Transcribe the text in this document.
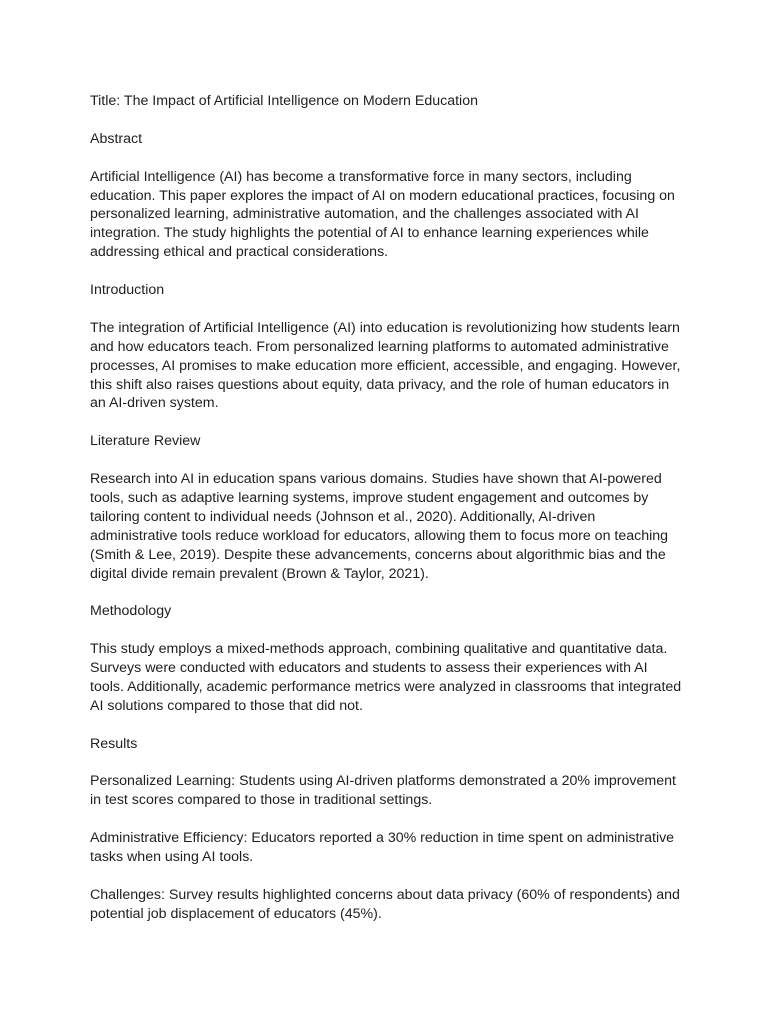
Title: The Impact of Artificial Intelligence on Modern Education

Abstract

Artificial Intelligence (AI) has become a transformative force in many sectors, including education. This paper explores the impact of AI on modern educational practices, focusing on personalized learning, administrative automation, and the challenges associated with AI integration. The study highlights the potential of AI to enhance learning experiences while addressing ethical and practical considerations.

Introduction

The integration of Artificial Intelligence (AI) into education is revolutionizing how students learn and how educators teach. From personalized learning platforms to automated administrative processes, AI promises to make education more efficient, accessible, and engaging. However, this shift also raises questions about equity, data privacy, and the role of human educators in an AI-driven system.

Literature Review

Research into AI in education spans various domains. Studies have shown that AI-powered tools, such as adaptive learning systems, improve student engagement and outcomes by tailoring content to individual needs (Johnson et al., 2020). Additionally, AI-driven administrative tools reduce workload for educators, allowing them to focus more on teaching (Smith & Lee, 2019). Despite these advancements, concerns about algorithmic bias and the digital divide remain prevalent (Brown & Taylor, 2021).

Methodology

This study employs a mixed-methods approach, combining qualitative and quantitative data. Surveys were conducted with educators and students to assess their experiences with AI tools. Additionally, academic performance metrics were analyzed in classrooms that integrated AI solutions compared to those that did not.

Results

Personalized Learning: Students using AI-driven platforms demonstrated a 20% improvement in test scores compared to those in traditional settings.

Administrative Efficiency: Educators reported a 30% reduction in time spent on administrative tasks when using AI tools.

Challenges: Survey results highlighted concerns about data privacy (60% of respondents) and potential job displacement of educators (45%).
